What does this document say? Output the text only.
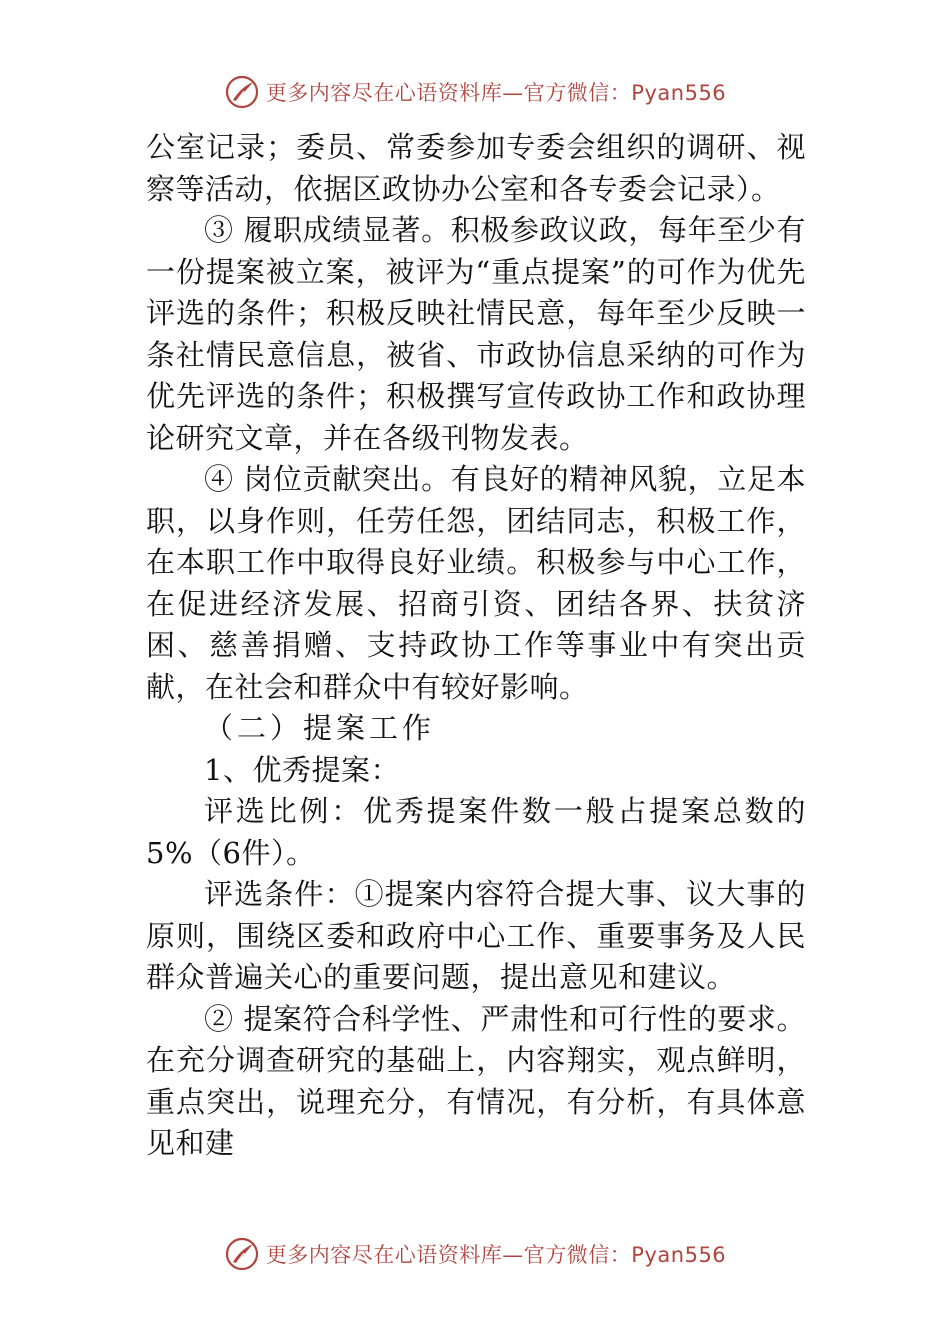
更多内容尽在心语资料库—官方微信：Pyan556

公室记录；委员、常委参加专委会组织的调研、视察等活动，依据区政协办公室和各专委会记录）。

③ 履职成绩显著。积极参政议政，每年至少有一份提案被立案，被评为“重点提案”的可作为优先评选的条件；积极反映社情民意，每年至少反映一条社情民意信息，被省、市政协信息采纳的可作为优先评选的条件；积极撰写宣传政协工作和政协理论研究文章，并在各级刊物发表。

④ 岗位贡献突出。有良好的精神风貌，立足本职，以身作则，任劳任怨，团结同志，积极工作，在本职工作中取得良好业绩。积极参与中心工作，在促进经济发展、招商引资、团结各界、扶贫济困、慈善捐赠、支持政协工作等事业中有突出贡献，在社会和群众中有较好影响。

（二）提案工作

1、优秀提案：

评选比例：优秀提案件数一般占提案总数的 5%（6件）。

评选条件：①提案内容符合提大事、议大事的原则，围绕区委和政府中心工作、重要事务及人民群众普遍关心的重要问题，提出意见和建议。

② 提案符合科学性、严肃性和可行性的要求。在充分调查研究的基础上，内容翔实，观点鲜明，重点突出，说理充分，有情况，有分析，有具体意见和建

更多内容尽在心语资料库—官方微信：Pyan556
